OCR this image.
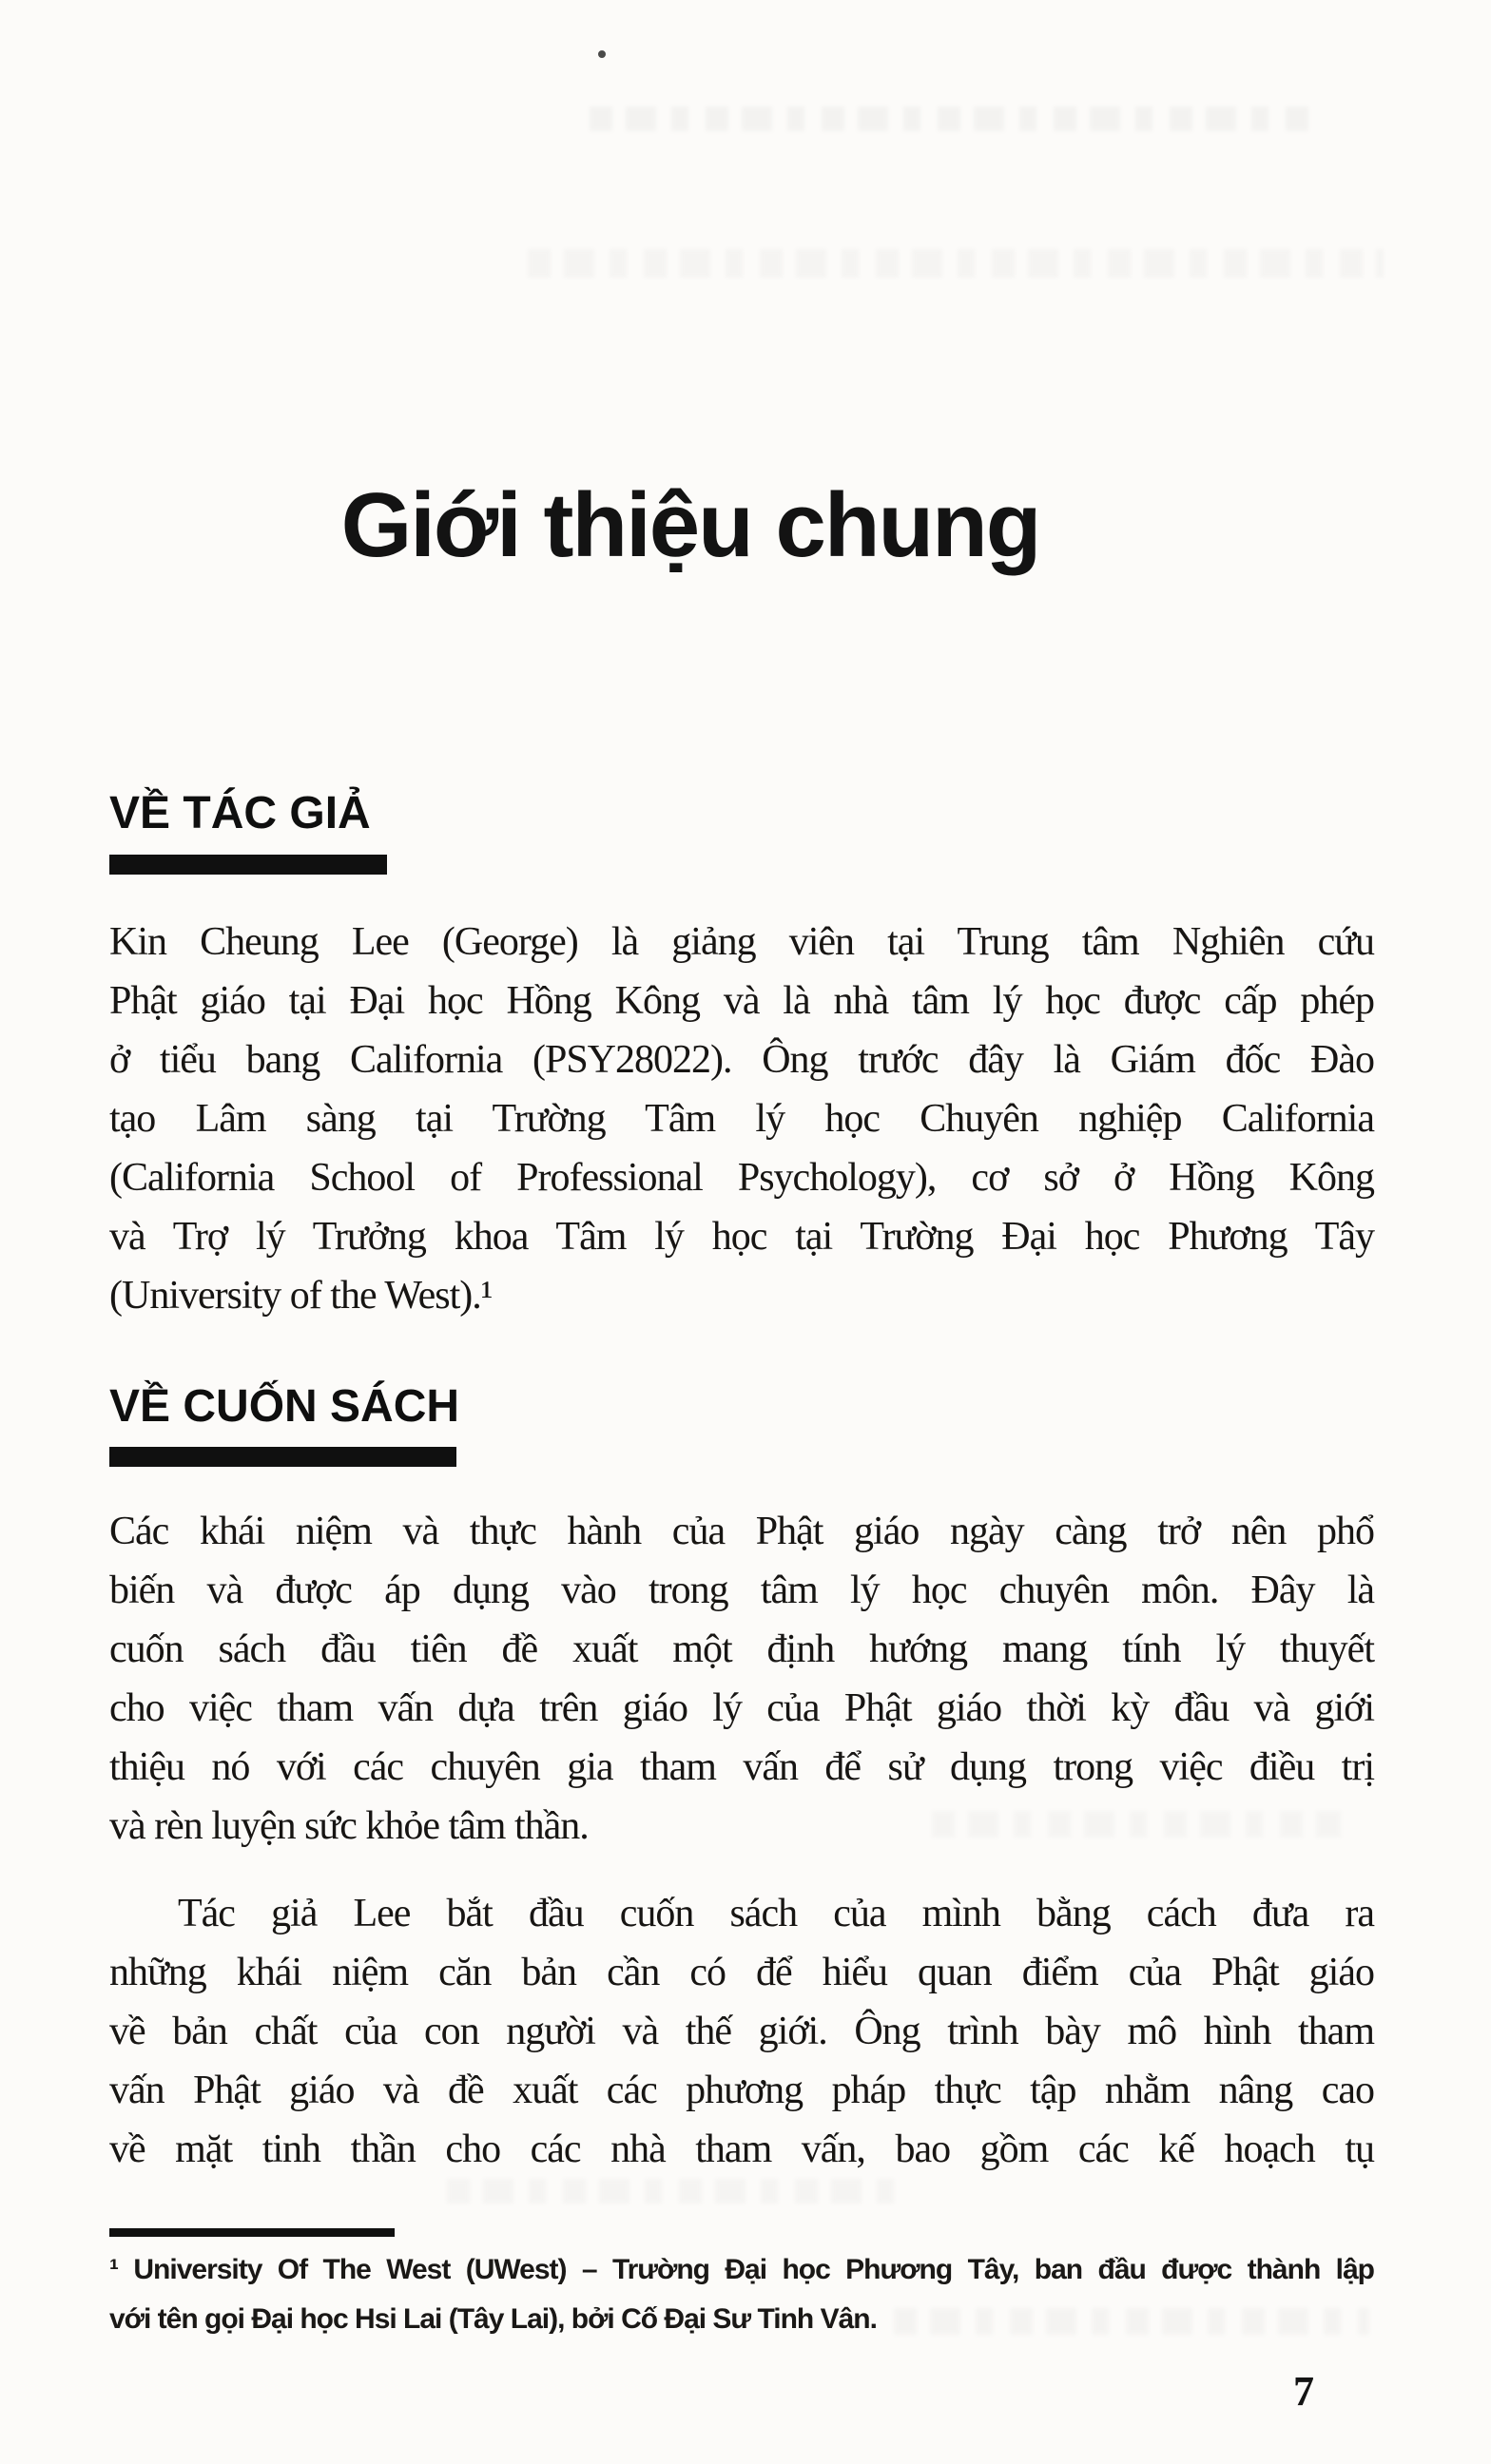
Giới thiệu chung
VỀ TÁC GIẢ
Kin Cheung Lee (George) là giảng viên tại Trung tâm Nghiên cứu
Phật giáo tại Đại học Hồng Kông và là nhà tâm lý học được cấp phép
ở tiểu bang California (PSY28022). Ông trước đây là Giám đốc Đào
tạo Lâm sàng tại Trường Tâm lý học Chuyên nghiệp California
(California School of Professional Psychology), cơ sở ở Hồng Kông
và Trợ lý Trưởng khoa Tâm lý học tại Trường Đại học Phương Tây
(University of the West).¹
VỀ CUỐN SÁCH
Các khái niệm và thực hành của Phật giáo ngày càng trở nên phổ
biến và được áp dụng vào trong tâm lý học chuyên môn. Đây là
cuốn sách đầu tiên đề xuất một định hướng mang tính lý thuyết
cho việc tham vấn dựa trên giáo lý của Phật giáo thời kỳ đầu và giới
thiệu nó với các chuyên gia tham vấn để sử dụng trong việc điều trị
và rèn luyện sức khỏe tâm thần.
Tác giả Lee bắt đầu cuốn sách của mình bằng cách đưa ra
những khái niệm căn bản cần có để hiểu quan điểm của Phật giáo
về bản chất của con người và thế giới. Ông trình bày mô hình tham
vấn Phật giáo và đề xuất các phương pháp thực tập nhằm nâng cao
về mặt tinh thần cho các nhà tham vấn, bao gồm các kế hoạch tụ
¹ University Of The West (UWest) – Trường Đại học Phương Tây, ban đầu được thành lập
với tên gọi Đại học Hsi Lai (Tây Lai), bởi Cố Đại Sư Tinh Vân.
7
